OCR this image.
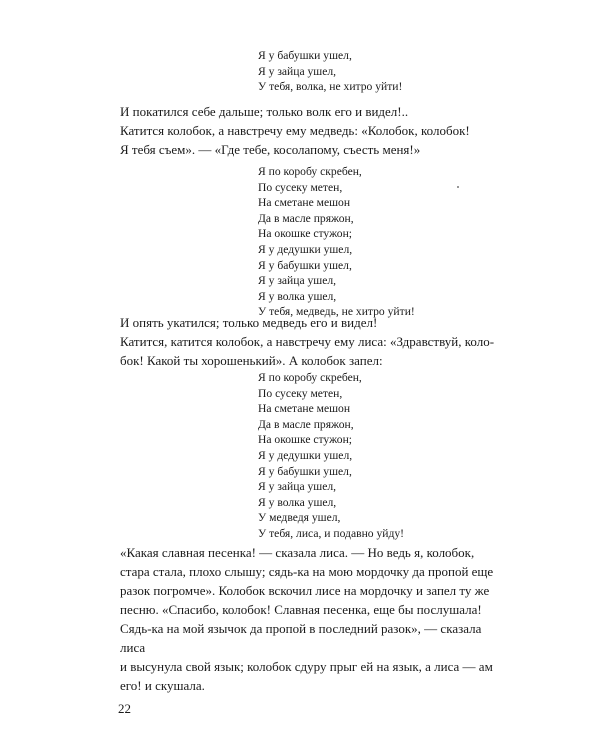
Я у бабушки ушел,
Я у зайца ушел,
У тебя, волка, не хитро уйти!

И покатился себе дальше; только волк его и видел!..

Катится колобок, а навстречу ему медведь: «Колобок, колобок!

Я тебя съем». — «Где тебе, косолапому, съесть меня!»

Я по коробу скребен,
По сусеку метен,
На сметане мешон
Да в масле пряжон,
На окошке стужон;
Я у дедушки ушел,
Я у бабушки ушел,
Я у зайца ушел,
Я у волка ушел,
У тебя, медведь, не хитро уйти!

И опять укатился; только медведь его и видел!

Катится, катится колобок, а навстречу ему лиса: «Здравствуй, коло-

бок! Какой ты хорошенький». А колобок запел:

Я по коробу скребен,
По сусеку метен,
На сметане мешон
Да в масле пряжон,
На окошке стужон;
Я у дедушки ушел,
Я у бабушки ушел,
Я у зайца ушел,
Я у волка ушел,
У медведя ушел,
У тебя, лиса, и подавно уйду!

«Какая славная песенка! — сказала лиса. — Но ведь я, колобок,

стара стала, плохо слышу; сядь-ка на мою мордочку да пропой еще

разок погромче». Колобок вскочил лисе на мордочку и запел ту же

песню. «Спасибо, колобок! Славная песенка, еще бы послушала!

Сядь-ка на мой язычок да пропой в последний разок», — сказала лиса

и высунула свой язык; колобок сдуру прыг ей на язык, а лиса — ам

его! и скушала.

22
